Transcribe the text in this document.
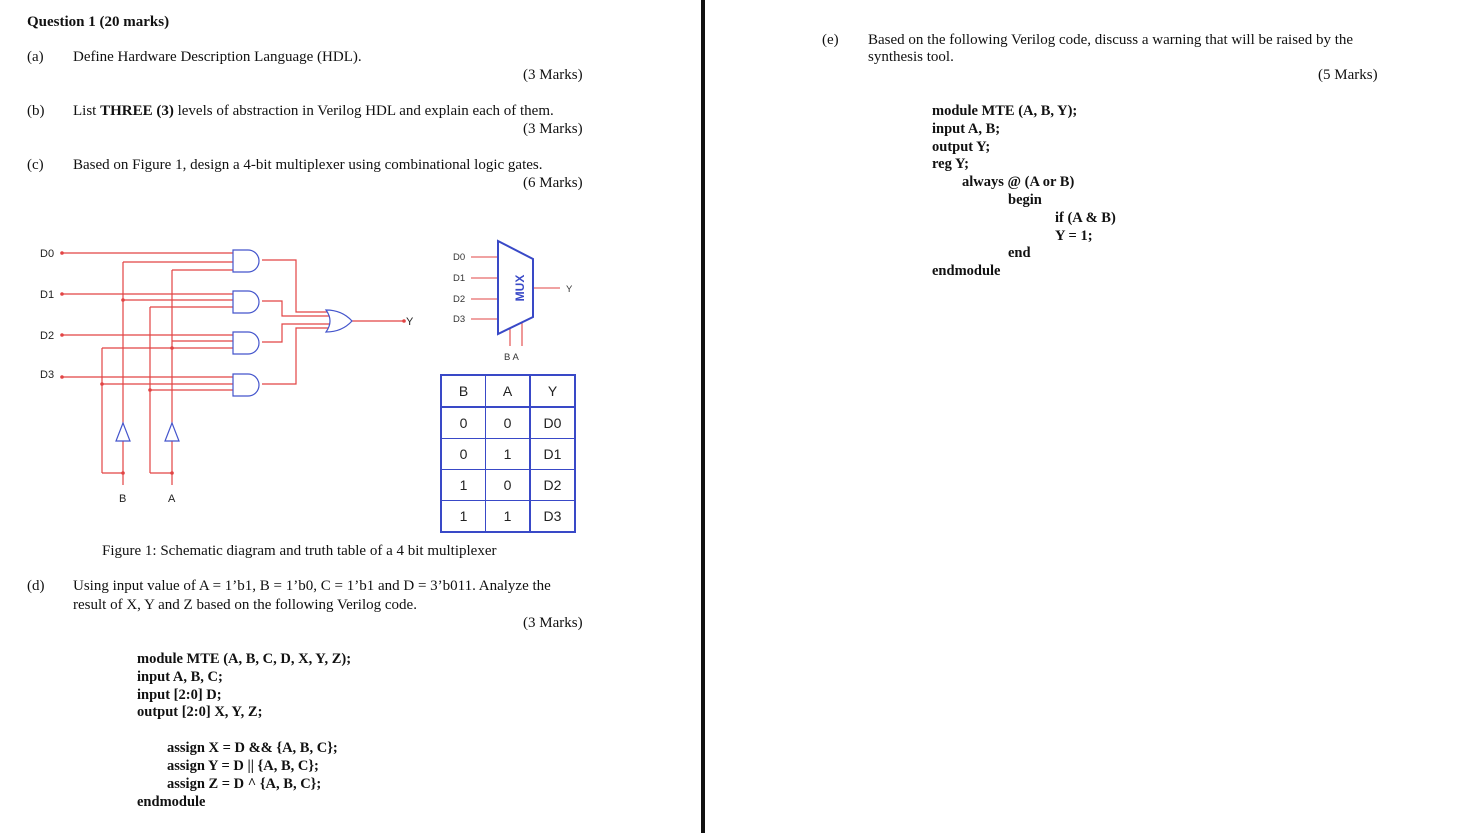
Question 1 (20 marks)
(a) Define Hardware Description Language (HDL).
(3 Marks)
(b) List THREE (3) levels of abstraction in Verilog HDL and explain each of them.
(3 Marks)
(c) Based on Figure 1, design a 4-bit multiplexer using combinational logic gates.
(6 Marks)
D0
D1
D2
D3
Y
B	A
MUX
D0
D1
D2
D3
Y
B A
B	A	Y
0	0	D0
0	1	D1
1	0	D2
1	1	D3
Figure 1: Schematic diagram and truth table of a 4 bit multiplexer
(d) Using input value of A = 1’b1, B = 1’b0, C = 1’b1 and D = 3’b011. Analyze the
result of X, Y and Z based on the following Verilog code.
(3 Marks)
module MTE (A, B, C, D, X, Y, Z);
input A, B, C;
input [2:0] D;
output [2:0] X, Y, Z;
assign X = D && {A, B, C};
assign Y = D || {A, B, C};
assign Z = D ^ {A, B, C};
endmodule
(e) Based on the following Verilog code, discuss a warning that will be raised by the
synthesis tool.
(5 Marks)
module MTE (A, B, Y);
input A, B;
output Y;
reg Y;
always @ (A or B)
begin
if (A & B)
Y = 1;
end
endmodule
